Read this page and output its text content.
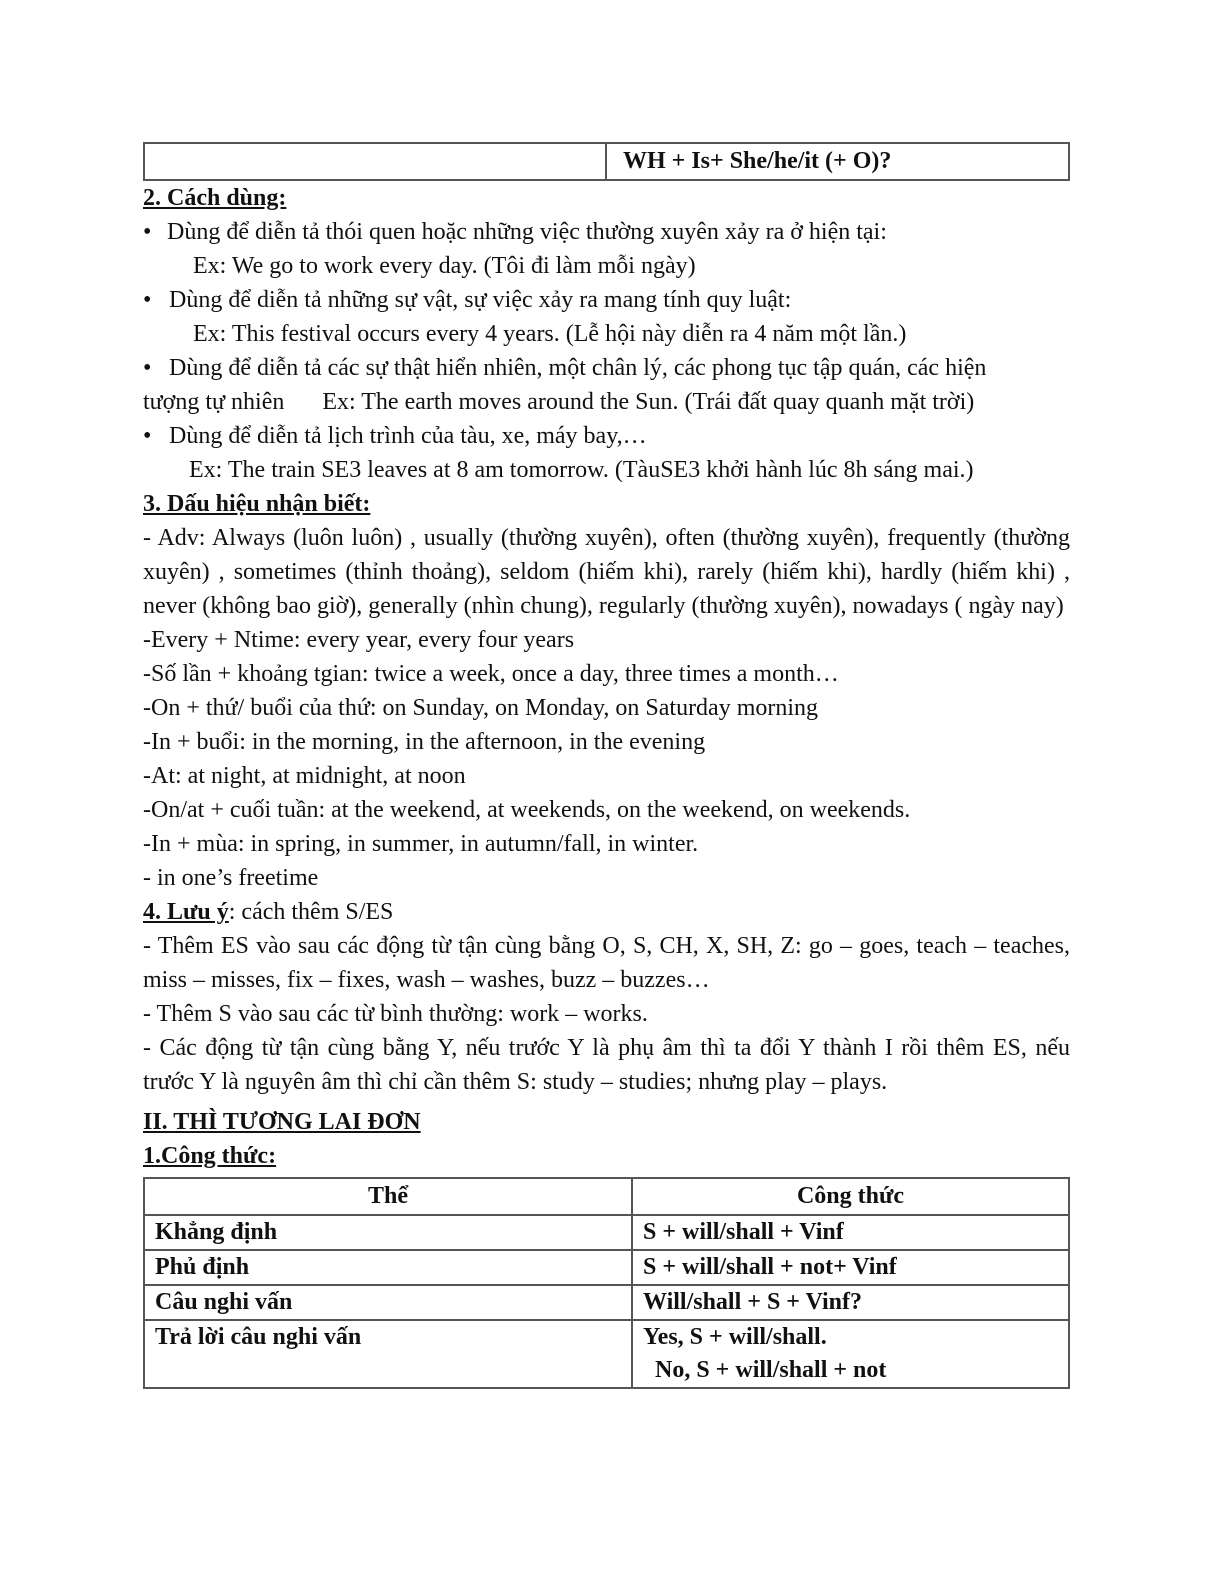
	WH + Is+ She/he/it (+ O)?
2. Cách dùng:
• Dùng để diễn tả thói quen hoặc những việc thường xuyên xảy ra ở hiện tại:
Ex: We go to work every day. (Tôi đi làm mỗi ngày)
• Dùng để diễn tả những sự vật, sự việc xảy ra mang tính quy luật:
Ex: This festival occurs every 4 years. (Lễ hội này diễn ra 4 năm một lần.)
• Dùng để diễn tả các sự thật hiển nhiên, một chân lý, các phong tục tập quán, các hiện
tượng tự nhiên Ex: The earth moves around the Sun. (Trái đất quay quanh mặt trời)
• Dùng để diễn tả lịch trình của tàu, xe, máy bay,…
Ex: The train SE3 leaves at 8 am tomorrow. (TàuSE3 khởi hành lúc 8h sáng mai.)
3. Dấu hiệu nhận biết:
- Adv: Always (luôn luôn) , usually (thường xuyên), often (thường xuyên), frequently (thường xuyên) , sometimes (thỉnh thoảng), seldom (hiếm khi), rarely (hiếm khi), hardly (hiếm khi) , never (không bao giờ), generally (nhìn chung), regularly (thường xuyên), nowadays ( ngày nay)
-Every + Ntime: every year, every four years
-Số lần + khoảng tgian: twice a week, once a day, three times a month…
-On + thứ/ buổi của thứ: on Sunday, on Monday, on Saturday morning
-In + buổi: in the morning, in the afternoon, in the evening
-At: at night, at midnight, at noon
-On/at + cuối tuần: at the weekend, at weekends, on the weekend, on weekends.
-In + mùa: in spring, in summer, in autumn/fall, in winter.
- in one’s freetime
4. Lưu ý: cách thêm S/ES
- Thêm ES vào sau các động từ tận cùng bằng O, S, CH, X, SH, Z: go – goes, teach – teaches, miss – misses, fix – fixes, wash – washes, buzz – buzzes…
- Thêm S vào sau các từ bình thường: work – works.
- Các động từ tận cùng bằng Y, nếu trước Y là phụ âm thì ta đổi Y thành I rồi thêm ES, nếu trước Y là nguyên âm thì chỉ cần thêm S: study – studies; nhưng play – plays.
II. THÌ TƯƠNG LAI ĐƠN
1.Công thức:
Thể	Công thức
Khẳng định	S + will/shall + Vinf
Phủ định	S + will/shall + not+ Vinf
Câu nghi vấn	Will/shall + S + Vinf?
Trả lời câu nghi vấn	Yes, S + will/shall.
No, S + will/shall + not
